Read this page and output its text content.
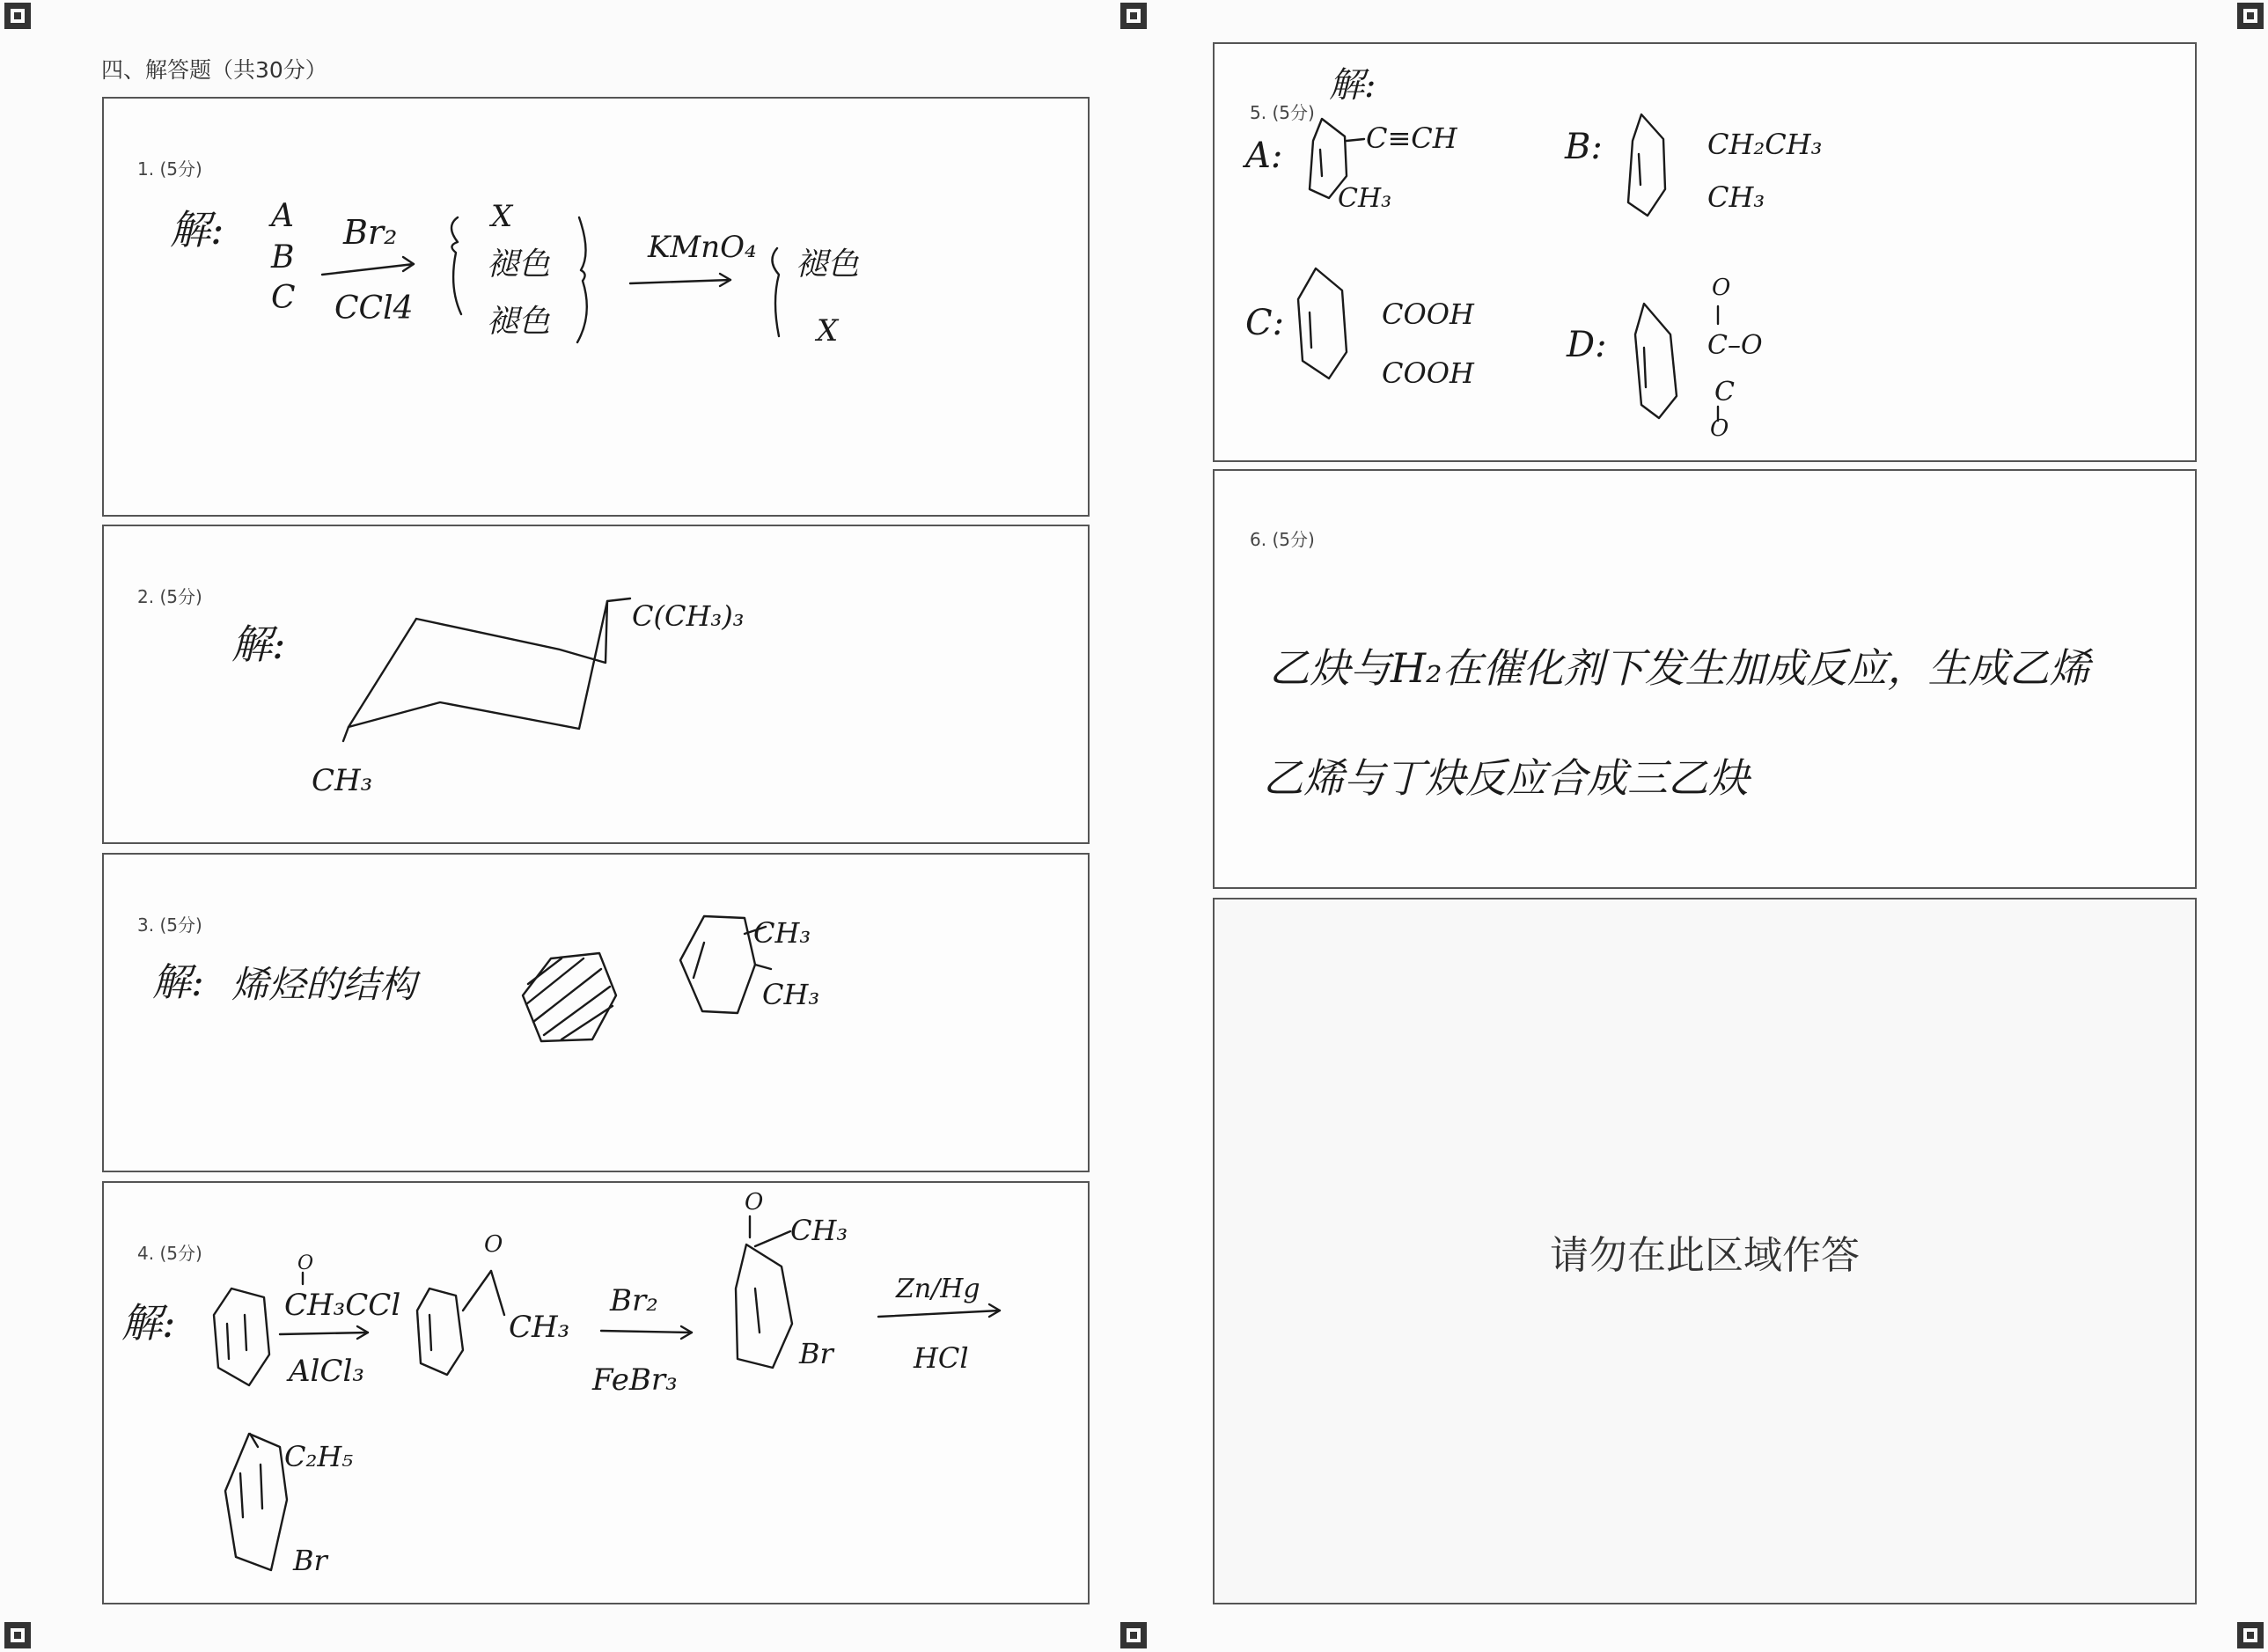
四、解答题（共30分）
1. (5分)
解: A
B
C
Br₂
CCl4
X
褪色
褪色
KMnO₄ 褪色
X
2. (5分)
解:
C(CH₃)₃
CH₃
3. (5分)
解: 烯烃的结构
CH₃
CH₃
4. (5分)
解:
O
CH₃CCl
AlCl₃
O
CH₃
Br₂
FeBr₃
O
CH₃
Br
Zn/Hg
HCl
C₂H₅
Br
5. (5分)
解:
A:	C≡CH
CH₃
B:	CH₂CH₃
CH₃
C:	COOH
COOH
D:
O
C–O
C
O
6. (5分)
乙炔与H₂在催化剂下发生加成反应，生成乙烯
乙烯与丁炔反应合成三乙炔
请勿在此区域作答
